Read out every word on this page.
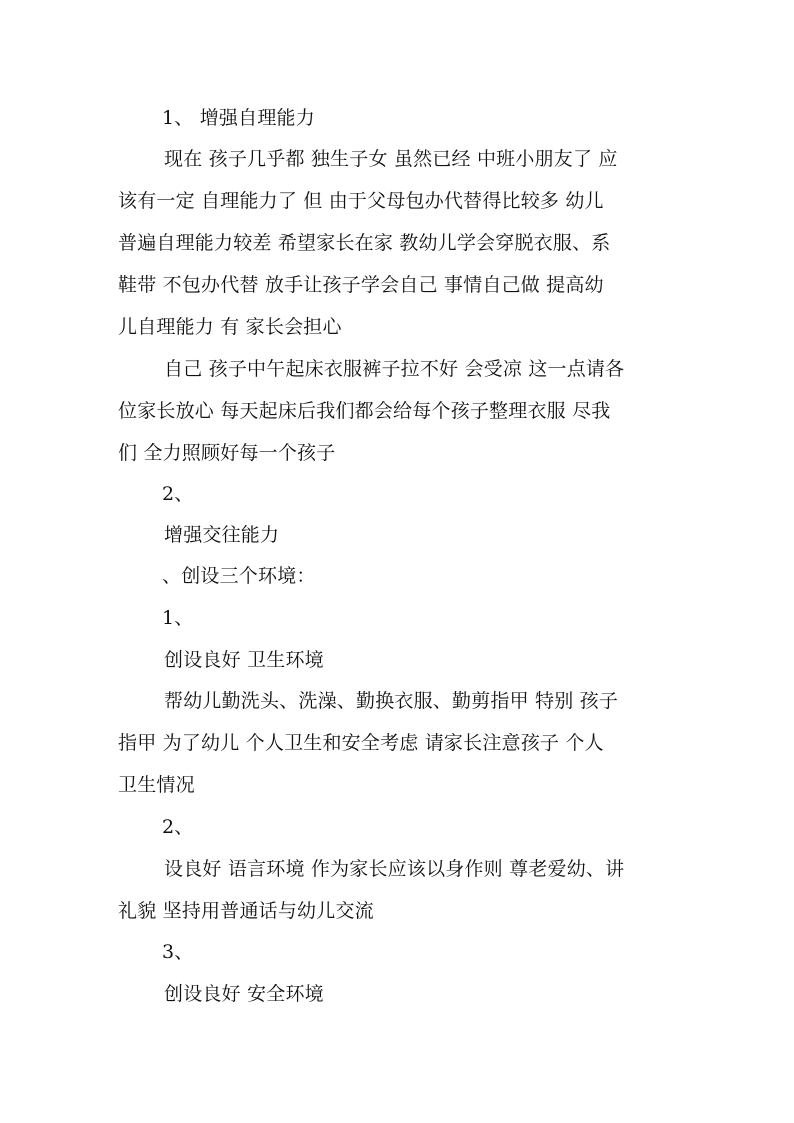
1、 增强自理能力
现在 孩子几乎都 独生子女 虽然已经 中班小朋友了 应
该有一定 自理能力了 但 由于父母包办代替得比较多 幼儿
普遍自理能力较差 希望家长在家 教幼儿学会穿脱衣服、系
鞋带 不包办代替 放手让孩子学会自己 事情自己做 提高幼
儿自理能力 有 家长会担心
自己 孩子中午起床衣服裤子拉不好 会受凉 这一点请各
位家长放心 每天起床后我们都会给每个孩子整理衣服 尽我
们 全力照顾好每一个孩子
2、
增强交往能力
、创设三个环境：
1、
创设良好 卫生环境
帮幼儿勤洗头、洗澡、勤换衣服、勤剪指甲 特别 孩子
指甲 为了幼儿 个人卫生和安全考虑 请家长注意孩子 个人
卫生情况
2、
设良好 语言环境 作为家长应该以身作则 尊老爱幼、讲
礼貌 坚持用普通话与幼儿交流
3、
创设良好 安全环境
